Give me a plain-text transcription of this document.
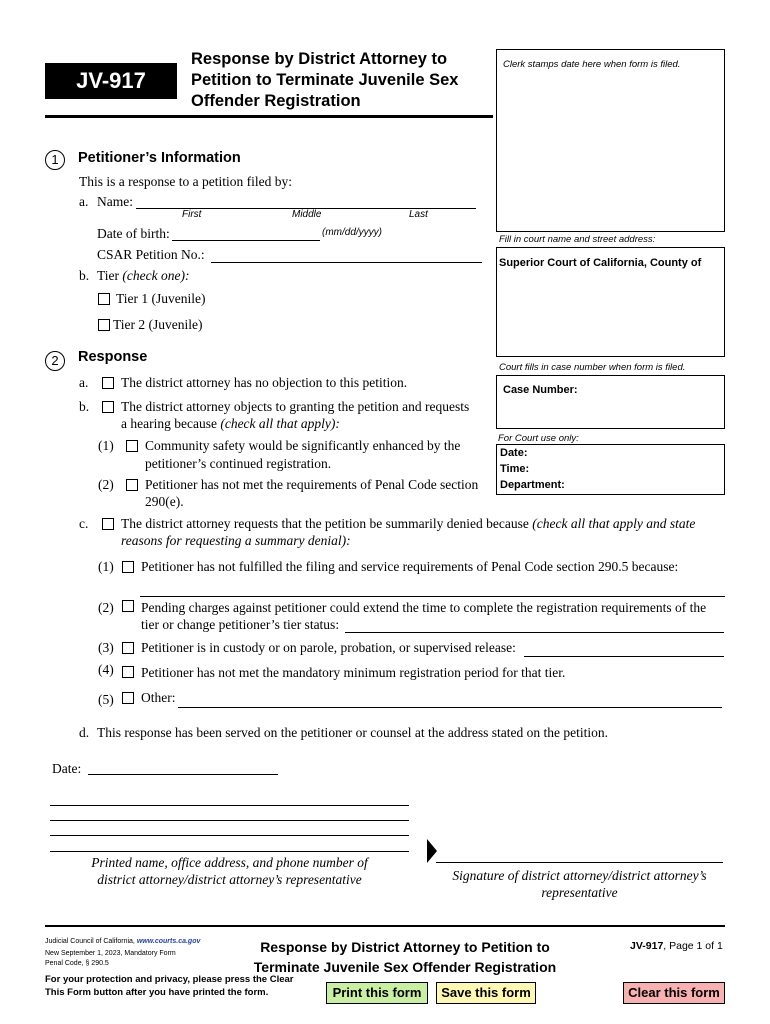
JV-917
Response by District Attorney to
Petition to Terminate Juvenile Sex
Offender Registration
Clerk stamps date here when form is filed.
Fill in court name and street address:
Superior Court of California, County of
Court fills in case number when form is filed.
Case Number:
For Court use only:
Date:
Time:
Department:
1	Petitioner’s Information
This is a response to a petition filed by:
a. Name:
First	Middle	Last
Date of birth:	(mm/dd/yyyy)
CSAR Petition No.:
b. Tier (check one):
Tier 1 (Juvenile)
Tier 2 (Juvenile)
2	Response
a. The district attorney has no objection to this petition.
b. The district attorney objects to granting the petition and requests
a hearing because (check all that apply):
(1) Community safety would be significantly enhanced by the
petitioner’s continued registration.
(2) Petitioner has not met the requirements of Penal Code section
290(e).
c. The district attorney requests that the petition be summarily denied because (check all that apply and state
reasons for requesting a summary denial):
(1) Petitioner has not fulfilled the filing and service requirements of Penal Code section 290.5 because:
(2) Pending charges against petitioner could extend the time to complete the registration requirements of the
tier or change petitioner’s tier status:
(3) Petitioner is in custody or on parole, probation, or supervised release:
(4) Petitioner has not met the mandatory minimum registration period for that tier.
(5) Other:
d. This response has been served on the petitioner or counsel at the address stated on the petition.
Date:
Printed name, office address, and phone number of
district attorney/district attorney’s representative	Signature of district attorney/district attorney’s
representative
Judicial Council of California, www.courts.ca.gov
New September 1, 2023, Mandatory Form
Penal Code, § 290.5
Response by District Attorney to Petition to
Terminate Juvenile Sex Offender Registration
JV-917, Page 1 of 1
For your protection and privacy, please press the Clear
This Form button after you have printed the form.	Print this form	Save this form	Clear this form
